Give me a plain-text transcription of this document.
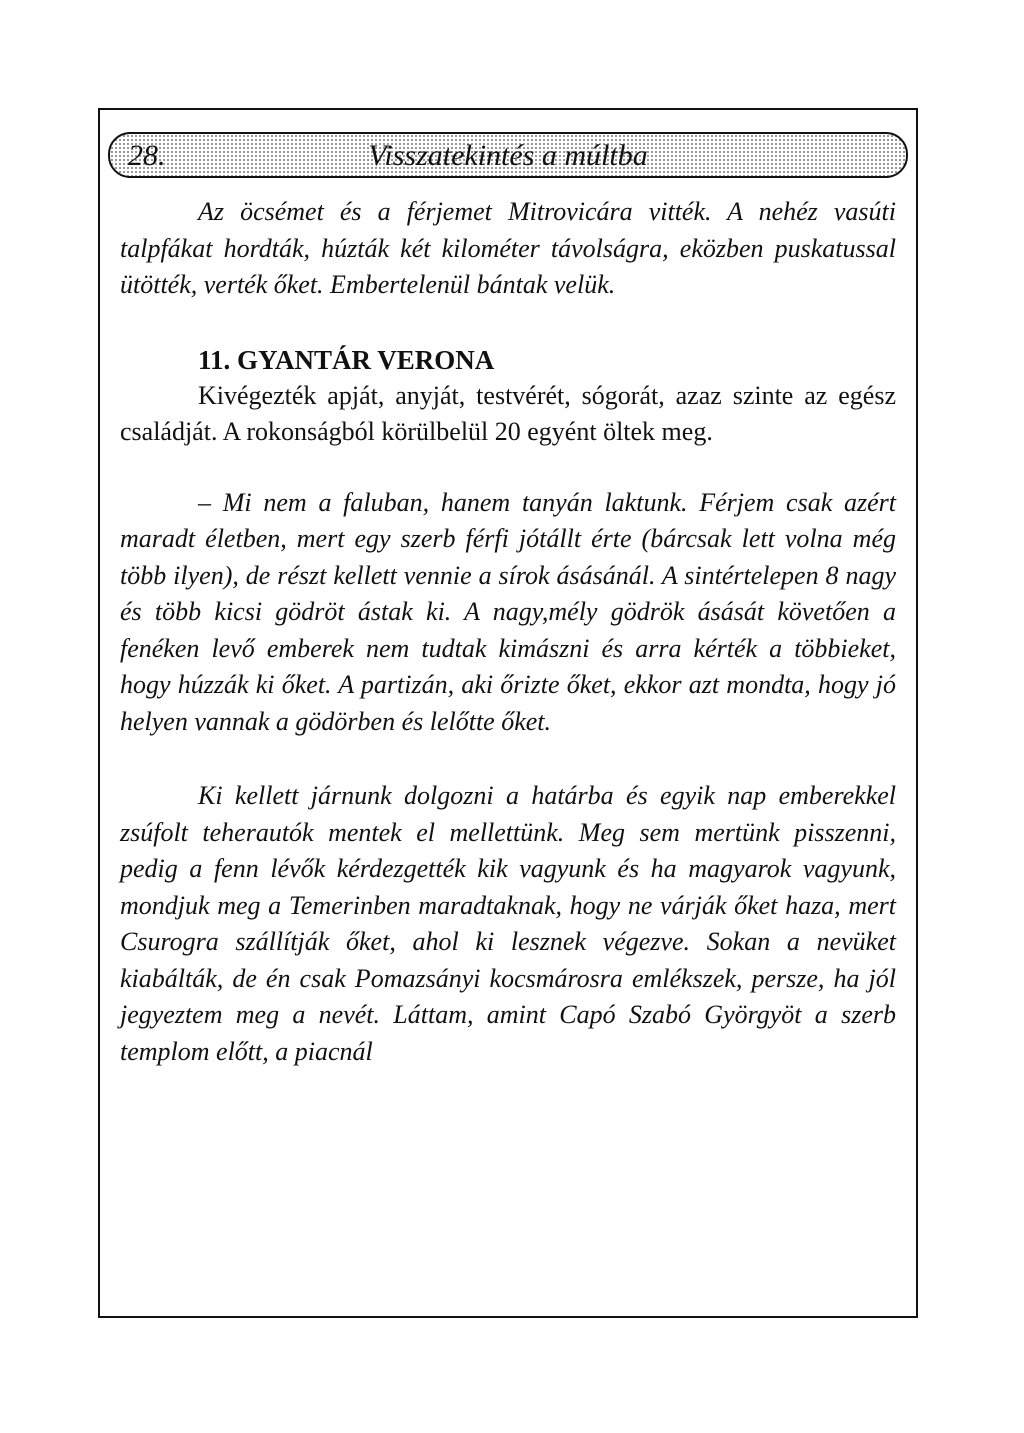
28.	Visszatekintés a múltba

Az öcsémet és a férjemet Mitrovicára vitték. A nehéz vasúti talpfákat hordták, húzták két kilométer távolságra, eközben puskatussal ütötték, verték őket. Embertelenül bántak velük.

11. GYANTÁR VERONA

Kivégezték apját, anyját, testvérét, sógorát, azaz szinte az egész családját. A rokonságból körülbelül 20 egyént öltek meg.

– Mi nem a faluban, hanem tanyán laktunk. Férjem csak azért maradt életben, mert egy szerb férfi jótállt érte (bárcsak lett volna még több ilyen), de részt kellett vennie a sírok ásásánál. A sintértelepen 8 nagy és több kicsi gödröt ástak ki. A nagy,mély gödrök ásását követően a fenéken levő emberek nem tudtak kimászni és arra kérték a többieket, hogy húzzák ki őket. A partizán, aki őrizte őket, ekkor azt mondta, hogy jó helyen vannak a gödörben és lelőtte őket.

Ki kellett járnunk dolgozni a határba és egyik nap emberekkel zsúfolt teherautók mentek el mellettünk. Meg sem mertünk pisszenni, pedig a fenn lévők kérdezgették kik vagyunk és ha magyarok vagyunk, mondjuk meg a Temerinben maradtaknak, hogy ne várják őket haza, mert Csurogra szállítják őket, ahol ki lesznek végezve. Sokan a nevüket kiabálták, de én csak Pomazsányi kocsmárosra emlékszek, persze, ha jól jegyeztem meg a nevét. Láttam, amint Capó Szabó Györgyöt a szerb templom előtt, a piacnál
